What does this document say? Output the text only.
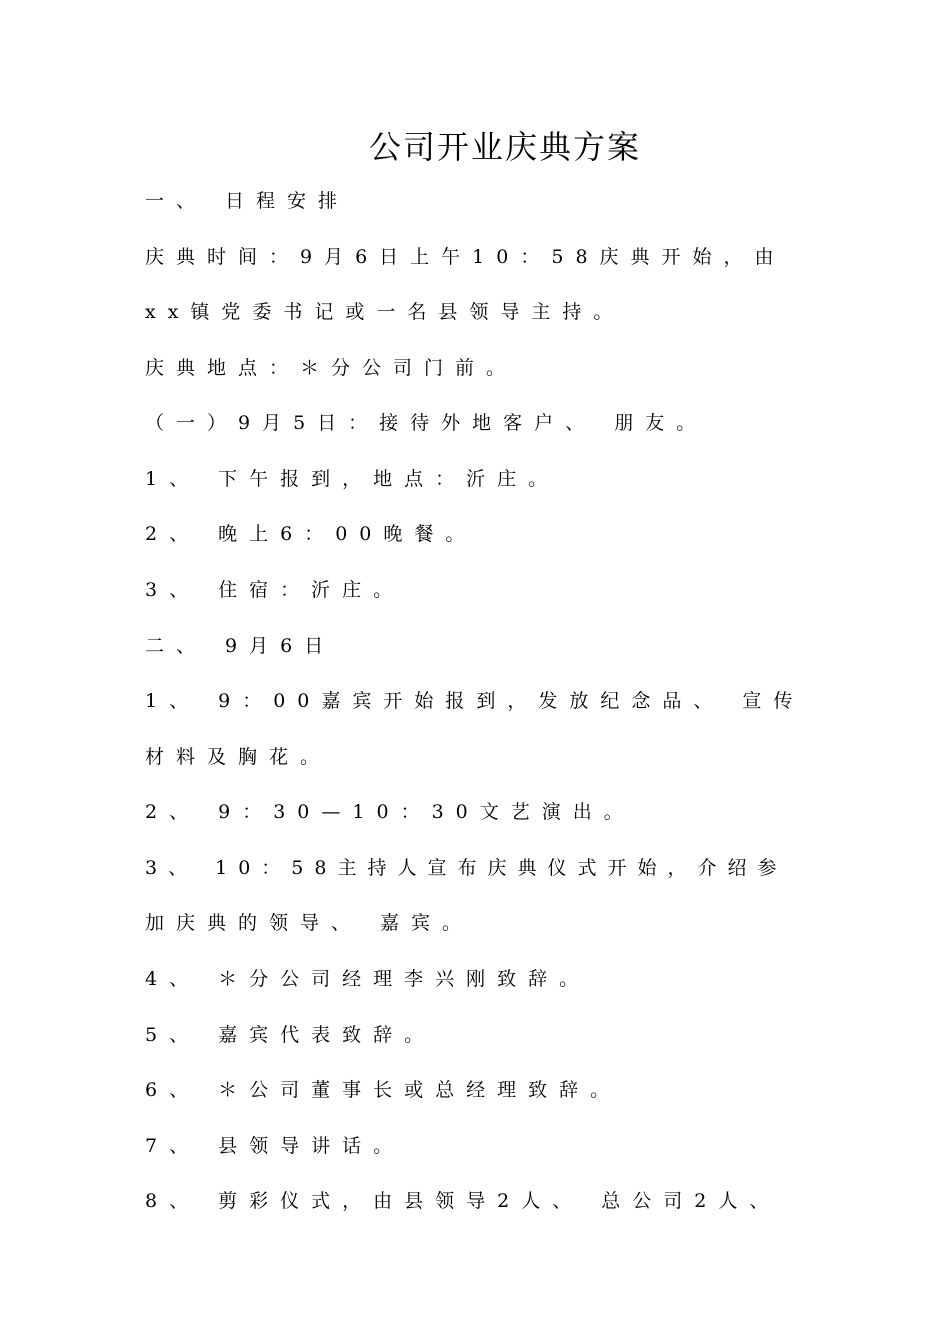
公司开业庆典方案
一、 日程安排
庆典时间：9月6日上午10：58庆典开始，由
xx镇党委书记或一名县领导主持。
庆典地点：＊分公司门前。
（一）9月5日：接待外地客户、 朋友。
1、 下午报到，地点：沂庄。
2、 晚上6：00晚餐。
3、 住宿：沂庄。
二、 9月6日
1、 9：00嘉宾开始报到，发放纪念品、 宣传
材料及胸花。
2、 9：30—10：30文艺演出。
3、 10：58主持人宣布庆典仪式开始，介绍参
加庆典的领导、 嘉宾。
4、 ＊分公司经理李兴刚致辞。
5、 嘉宾代表致辞。
6、 ＊公司董事长或总经理致辞。
7、 县领导讲话。
8、 剪彩仪式，由县领导2人、 总公司2人、
